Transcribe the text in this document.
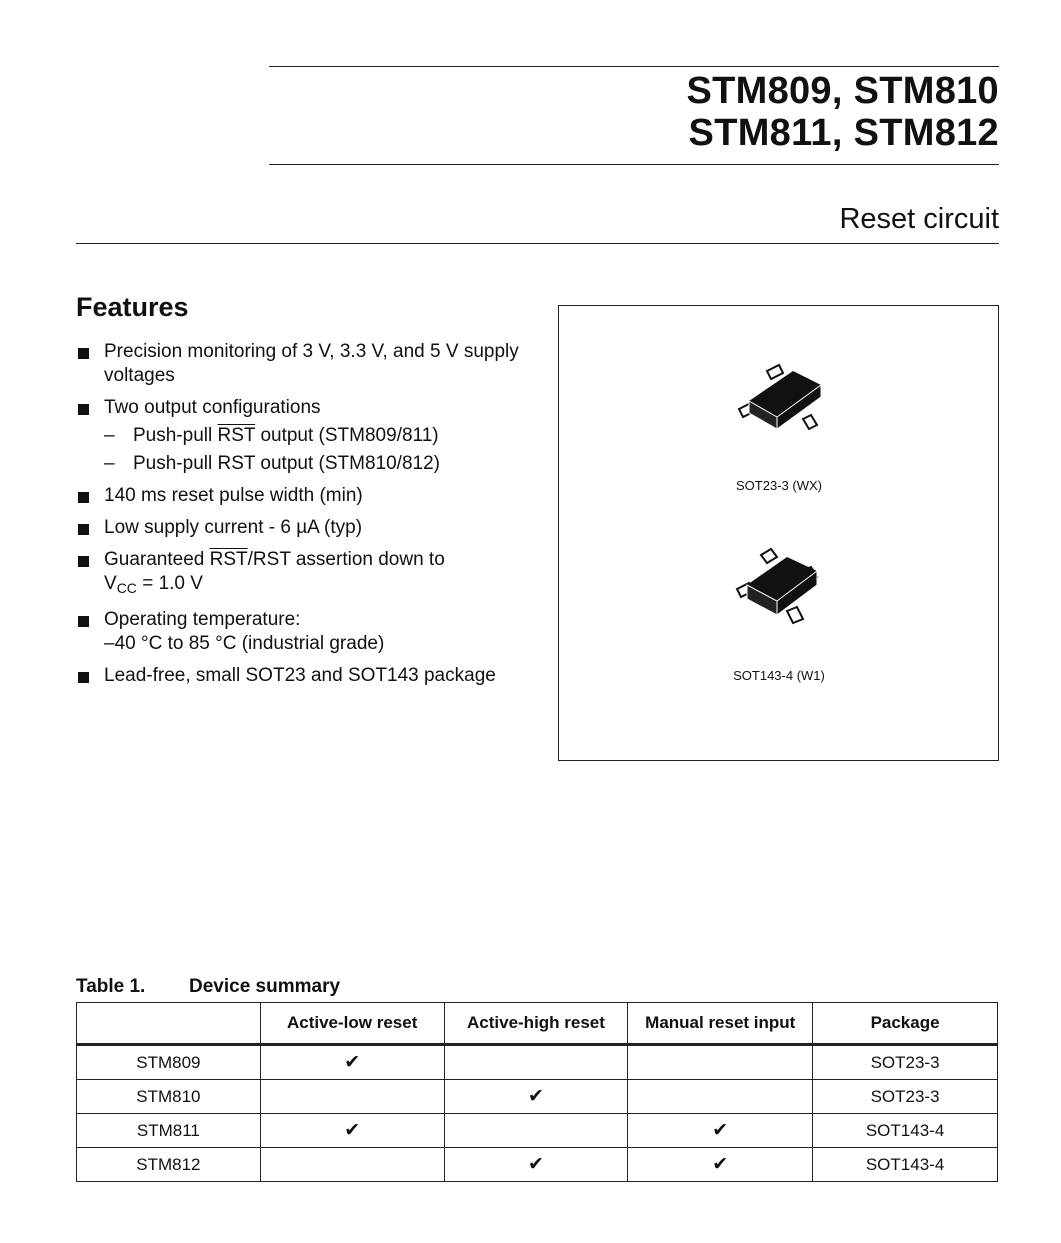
STM809, STM810
STM811, STM812
Reset circuit
Features
Precision monitoring of 3 V, 3.3 V, and 5 V supply voltages
Two output configurations
– Push-pull $\overline{RST}$ output (STM809/811)
– Push-pull RST output (STM810/812)
140 ms reset pulse width (min)
Low supply current - 6 µA (typ)
Guaranteed $\overline{RST}$/RST assertion down to
$V_{CC} = 1.0$ V
Operating temperature:
–40 °C to 85 °C (industrial grade)
Lead-free, small SOT23 and SOT143 package
SOT23-3 (WX)
SOT143-4 (W1)
Table 1. Device summary
	Active-low reset	Active-high reset	Manual reset input	Package
STM809	✔			SOT23-3
STM810		✔		SOT23-3
STM811	✔		✔	SOT143-4
STM812		✔	✔	SOT143-4
